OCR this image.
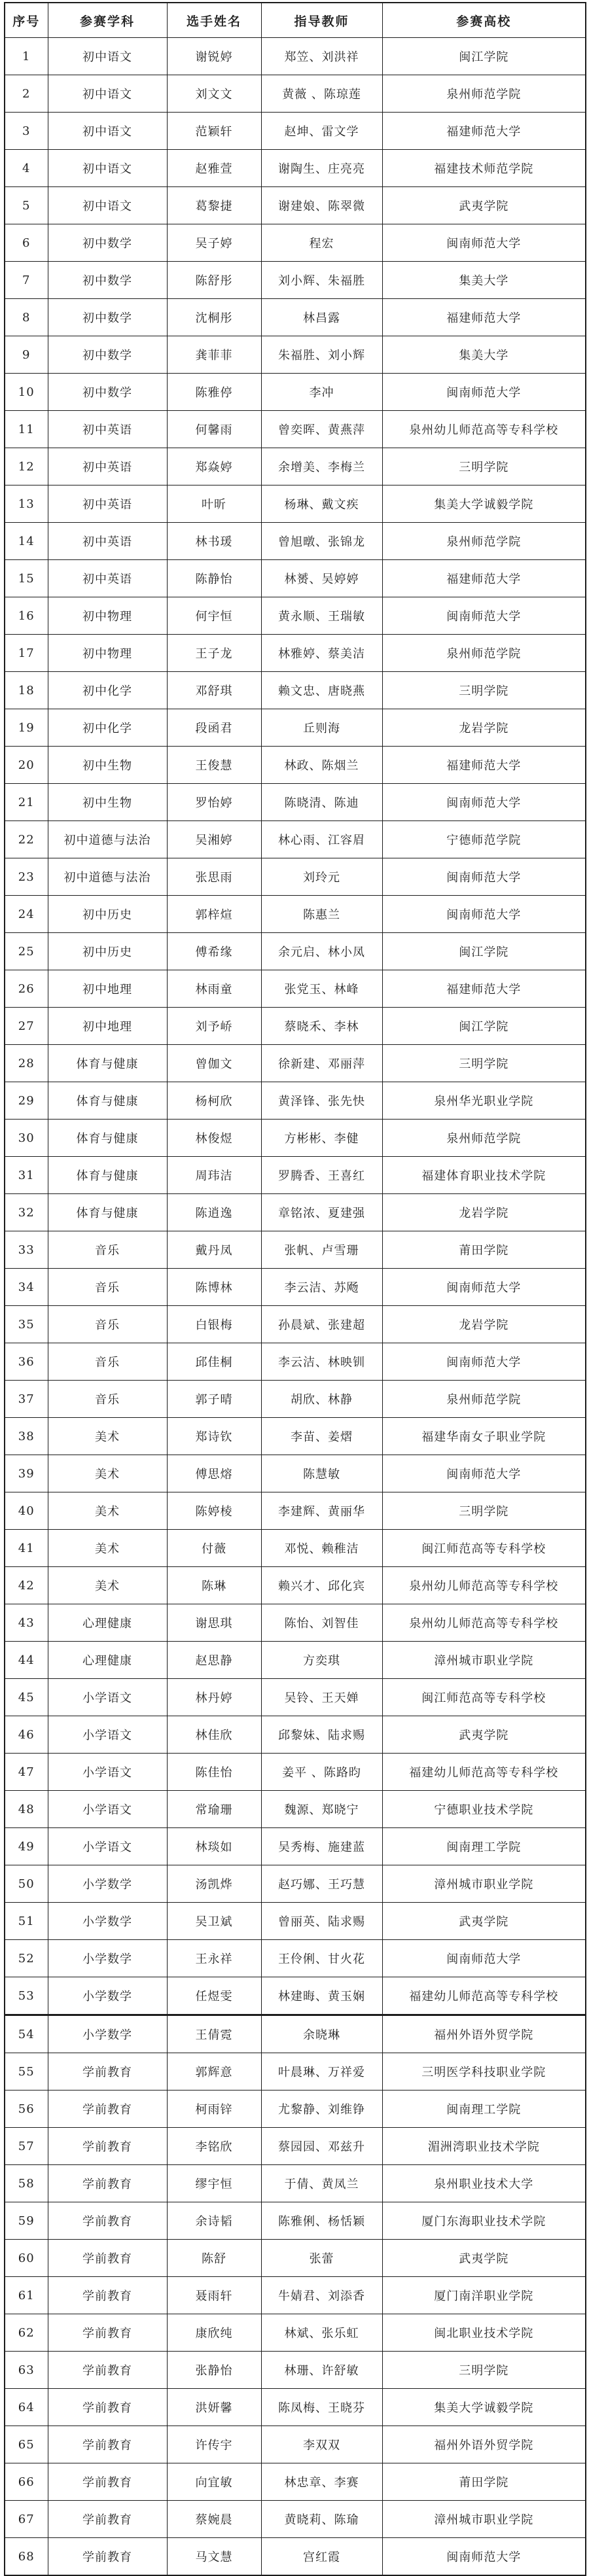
序号	参赛学科	选手姓名	指导教师	参赛高校
1	初中语文	谢锐婷	郑笠、刘洪祥	闽江学院
2	初中语文	刘文文	黄薇 、陈琼莲	泉州师范学院
3	初中语文	范颖轩	赵坤、雷文学	福建师范大学
4	初中语文	赵雅萱	谢陶生、庄亮亮	福建技术师范学院
5	初中语文	葛黎捷	谢建娘、陈翠微	武夷学院
6	初中数学	吴子婷	程宏	闽南师范大学
7	初中数学	陈舒彤	刘小辉、朱福胜	集美大学
8	初中数学	沈桐彤	林昌露	福建师范大学
9	初中数学	龚菲菲	朱福胜、刘小辉	集美大学
10	初中数学	陈雅停	李冲	闽南师范大学
11	初中英语	何馨雨	曾奕晖、黄燕萍	泉州幼儿师范高等专科学校
12	初中英语	郑焱婷	余增美、李梅兰	三明学院
13	初中英语	叶昕	杨琳、戴文疾	集美大学诚毅学院
14	初中英语	林书瑗	曾旭暾、张锦龙	泉州师范学院
15	初中英语	陈静怡	林赟、吴婷婷	福建师范大学
16	初中物理	何宇恒	黄永顺、王瑞敏	闽南师范大学
17	初中物理	王子龙	林雅婷、蔡美洁	泉州师范学院
18	初中化学	邓舒琪	赖文忠、唐晓燕	三明学院
19	初中化学	段函君	丘则海	龙岩学院
20	初中生物	王俊慧	林政、陈烟兰	福建师范大学
21	初中生物	罗怡婷	陈晓清、陈迪	闽南师范大学
22	初中道德与法治	吴湘婷	林心雨、江容眉	宁德师范学院
23	初中道德与法治	张思雨	刘玲元	闽南师范大学
24	初中历史	郭梓煊	陈惠兰	闽南师范大学
25	初中历史	傅希缘	余元启、林小凤	闽江学院
26	初中地理	林雨童	张党玉、林峰	福建师范大学
27	初中地理	刘予峤	蔡晓禾、李林	闽江学院
28	体育与健康	曾伽文	徐新建、邓丽萍	三明学院
29	体育与健康	杨柯欣	黄泽锋、张先快	泉州华光职业学院
30	体育与健康	林俊煜	方彬彬、李健	泉州师范学院
31	体育与健康	周玮洁	罗腾香、王喜红	福建体育职业技术学院
32	体育与健康	陈逍逸	章铭浓、夏建强	龙岩学院
33	音乐	戴丹凤	张帆、卢雪珊	莆田学院
34	音乐	陈博林	李云洁、苏飏	闽南师范大学
35	音乐	白银梅	孙晨斌、张建超	龙岩学院
36	音乐	邱佳桐	李云洁、林映钏	闽南师范大学
37	音乐	郭子晴	胡欣、林静	泉州师范学院
38	美术	郑诗钦	李苗、姜熠	福建华南女子职业学院
39	美术	傅思熔	陈慧敏	闽南师范大学
40	美术	陈婷棱	李建辉、黄丽华	三明学院
41	美术	付薇	邓悦、赖稚洁	闽江师范高等专科学校
42	美术	陈琳	赖兴才、邱化宾	泉州幼儿师范高等专科学校
43	心理健康	谢思琪	陈怡、刘智佳	泉州幼儿师范高等专科学校
44	心理健康	赵思静	方奕琪	漳州城市职业学院
45	小学语文	林丹婷	吴铃、王天婵	闽江师范高等专科学校
46	小学语文	林佳欣	邱黎妹、陆求赐	武夷学院
47	小学语文	陈佳怡	姜平 、陈路昀	福建幼儿师范高等专科学校
48	小学语文	常瑜珊	魏源、郑晓宁	宁德职业技术学院
49	小学语文	林琰如	吴秀梅、施建蓝	闽南理工学院
50	小学数学	汤凯烨	赵巧娜、王巧慧	漳州城市职业学院
51	小学数学	吴卫斌	曾丽英、陆求赐	武夷学院
52	小学数学	王永祥	王伶俐、甘火花	闽南师范大学
53	小学数学	任煜雯	林建晦、黄玉娴	福建幼儿师范高等专科学校
54	小学数学	王倩霓	余晓琳	福州外语外贸学院
55	学前教育	郭辉意	叶晨琳、万祥爱	三明医学科技职业学院
56	学前教育	柯雨锌	尤黎静、刘维铮	闽南理工学院
57	学前教育	李铭欣	蔡园园、邓兹升	湄洲湾职业技术学院
58	学前教育	缪宇恒	于倩、黄凤兰	泉州职业技术大学
59	学前教育	余诗韬	陈雅俐、杨恬颖	厦门东海职业技术学院
60	学前教育	陈舒	张蕾	武夷学院
61	学前教育	聂雨轩	牛婧君、刘添香	厦门南洋职业学院
62	学前教育	康欣纯	林斌、张乐虹	闽北职业技术学院
63	学前教育	张静怡	林珊、许舒敏	三明学院
64	学前教育	洪妍馨	陈凤梅、王晓芬	集美大学诚毅学院
65	学前教育	许传宇	李双双	福州外语外贸学院
66	学前教育	向宜敏	林忠章、李赛	莆田学院
67	学前教育	蔡婉晨	黄晓莉、陈瑜	漳州城市职业学院
68	学前教育	马文慧	宫红霞	闽南师范大学
